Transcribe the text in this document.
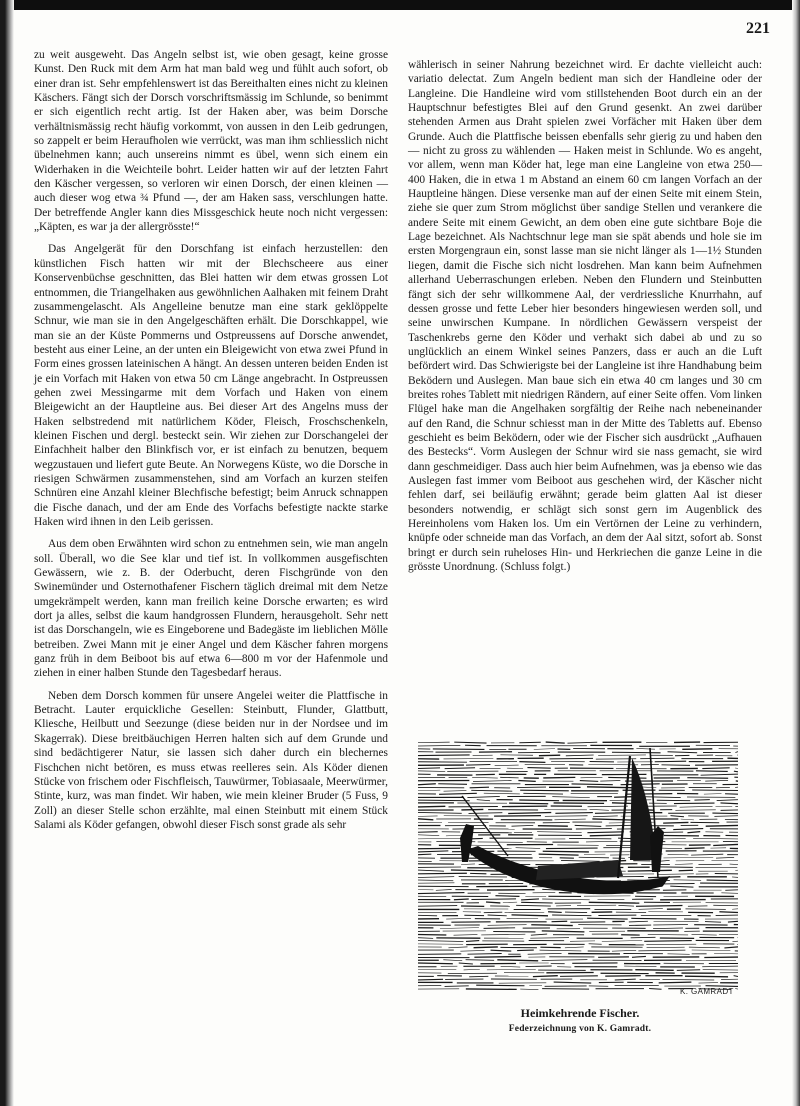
221

zu weit ausgeweht. Das Angeln selbst ist, wie oben gesagt, keine grosse Kunst. Den Ruck mit dem Arm hat man bald weg und fühlt auch sofort, ob einer dran ist. Sehr empfehlenswert ist das Bereithalten eines nicht zu kleinen Käschers. Fängt sich der Dorsch vorschriftsmässig im Schlunde, so benimmt er sich eigentlich recht artig. Ist der Haken aber, was beim Dorsche verhältnismässig recht häufig vorkommt, von aussen in den Leib gedrungen, so zappelt er beim Heraufholen wie verrückt, was man ihm schliesslich nicht übelnehmen kann; auch unsereins nimmt es übel, wenn sich einem ein Widerhaken in die Weichteile bohrt. Leider hatten wir auf der letzten Fahrt den Käscher vergessen, so verloren wir einen Dorsch, der einen kleinen — auch dieser wog etwa ¾ Pfund —, der am Haken sass, verschlungen hatte. Der betreffende Angler kann dies Missgeschick heute noch nicht vergessen: „Käpten, es war ja der allergrösste!“

Das Angelgerät für den Dorschfang ist einfach herzustellen: den künstlichen Fisch hatten wir mit der Blechscheere aus einer Konservenbüchse geschnitten, das Blei hatten wir dem etwas grossen Lot entnommen, die Triangelhaken aus gewöhnlichen Aalhaken mit feinem Draht zusammengelascht. Als Angelleine benutze man eine stark geklöppelte Schnur, wie man sie in den Angelgeschäften erhält. Die Dorschkappel, wie man sie an der Küste Pommerns und Ostpreussens auf Dorsche anwendet, besteht aus einer Leine, an der unten ein Bleigewicht von etwa zwei Pfund in Form eines grossen lateinischen A hängt. An dessen unteren beiden Enden ist je ein Vorfach mit Haken von etwa 50 cm Länge angebracht. In Ostpreussen gehen zwei Messingarme mit dem Vorfach und Haken von einem Bleigewicht an der Hauptleine aus. Bei dieser Art des Angelns muss der Haken selbstredend mit natürlichem Köder, Fleisch, Froschschenkeln, kleinen Fischen und dergl. besteckt sein. Wir ziehen zur Dorschangelei der Einfachheit halber den Blinkfisch vor, er ist einfach zu benutzen, bequem wegzustauen und liefert gute Beute. An Norwegens Küste, wo die Dorsche in riesigen Schwärmen zusammenstehen, sind am Vorfach an kurzen steifen Schnüren eine Anzahl kleiner Blechfische befestigt; beim Anruck schnappen die Fische danach, und der am Ende des Vorfachs befestigte nackte starke Haken wird ihnen in den Leib gerissen.

Aus dem oben Erwähnten wird schon zu entnehmen sein, wie man angeln soll. Überall, wo die See klar und tief ist. In vollkommen ausgefischten Gewässern, wie z. B. der Oderbucht, deren Fischgründe von den Swinemünder und Osternothafener Fischern täglich dreimal mit dem Netze umgekrämpelt werden, kann man freilich keine Dorsche erwarten; es wird dort ja alles, selbst die kaum handgrossen Flundern, herausgeholt. Sehr nett ist das Dorschangeln, wie es Eingeborene und Badegäste im lieblichen Mölle betreiben. Zwei Mann mit je einer Angel und dem Käscher fahren morgens ganz früh in dem Beiboot bis auf etwa 6—800 m vor der Hafenmole und ziehen in einer halben Stunde den Tagesbedarf heraus.

Neben dem Dorsch kommen für unsere Angelei weiter die Plattfische in Betracht. Lauter erquickliche Gesellen: Steinbutt, Flunder, Glattbutt, Kliesche, Heilbutt und Seezunge (diese beiden nur in der Nordsee und im Skagerrak). Diese breitbäuchigen Herren halten sich auf dem Grunde und sind bedächtigerer Natur, sie lassen sich daher durch ein blechernes Fischchen nicht betören, es muss etwas reelleres sein. Als Köder dienen Stücke von frischem oder Fischfleisch, Tauwürmer, Tobiasaale, Meerwürmer, Stinte, kurz, was man findet. Wir haben, wie mein kleiner Bruder (5 Fuss, 9 Zoll) an dieser Stelle schon erzählte, mal einen Steinbutt mit einem Stück Salami als Köder gefangen, obwohl dieser Fisch sonst grade als sehr

wählerisch in seiner Nahrung bezeichnet wird. Er dachte vielleicht auch: variatio delectat. Zum Angeln bedient man sich der Handleine oder der Langleine. Die Handleine wird vom stillstehenden Boot durch ein an der Hauptschnur befestigtes Blei auf den Grund gesenkt. An zwei darüber stehenden Armen aus Draht spielen zwei Vorfächer mit Haken über dem Grunde. Auch die Plattfische beissen ebenfalls sehr gierig zu und haben den — nicht zu gross zu wählenden — Haken meist in Schlunde. Wo es angeht, vor allem, wenn man Köder hat, lege man eine Langleine von etwa 250—400 Haken, die in etwa 1 m Abstand an einem 60 cm langen Vorfach an der Hauptleine hängen. Diese versenke man auf der einen Seite mit einem Stein, ziehe sie quer zum Strom möglichst über sandige Stellen und verankere die andere Seite mit einem Gewicht, an dem oben eine gute sichtbare Boje die Lage bezeichnet. Als Nachtschnur lege man sie spät abends und hole sie im ersten Morgengraun ein, sonst lasse man sie nicht länger als 1—1½ Stunden liegen, damit die Fische sich nicht losdrehen. Man kann beim Aufnehmen allerhand Ueberraschungen erleben. Neben den Flundern und Steinbutten fängt sich der sehr willkommene Aal, der verdriessliche Knurrhahn, auf dessen grosse und fette Leber hier besonders hingewiesen werden soll, und seine unwirschen Kumpane. In nördlichen Gewässern verspeist der Taschenkrebs gerne den Köder und verhakt sich dabei ab und zu so unglücklich an einem Winkel seines Panzers, dass er auch an die Luft befördert wird. Das Schwierigste bei der Langleine ist ihre Handhabung beim Beködern und Auslegen. Man baue sich ein etwa 40 cm langes und 30 cm breites rohes Tablett mit niedrigen Rändern, auf einer Seite offen. Vom linken Flügel hake man die Angelhaken sorgfältig der Reihe nach nebeneinander auf den Rand, die Schnur schiesst man in der Mitte des Tabletts auf. Ebenso geschieht es beim Beködern, oder wie der Fischer sich ausdrückt „Aufhauen des Bestecks“. Vorm Auslegen der Schnur wird sie nass gemacht, sie wird dann geschmeidiger. Dass auch hier beim Aufnehmen, was ja ebenso wie das Auslegen fast immer vom Beiboot aus geschehen wird, der Käscher nicht fehlen darf, sei beiläufig erwähnt; gerade beim glatten Aal ist dieser besonders notwendig, er schlägt sich sonst gern im Augenblick des Hereinholens vom Haken los. Um ein Vertörnen der Leine zu verhindern, knüpfe oder schneide man das Vorfach, an dem der Aal sitzt, sofort ab. Sonst bringt er durch sein ruheloses Hin- und Herkriechen die ganze Leine in die grösste Unordnung. (Schluss folgt.)

K. GAMRADT
Heimkehrende Fischer.
Federzeichnung von K. Gamradt.
